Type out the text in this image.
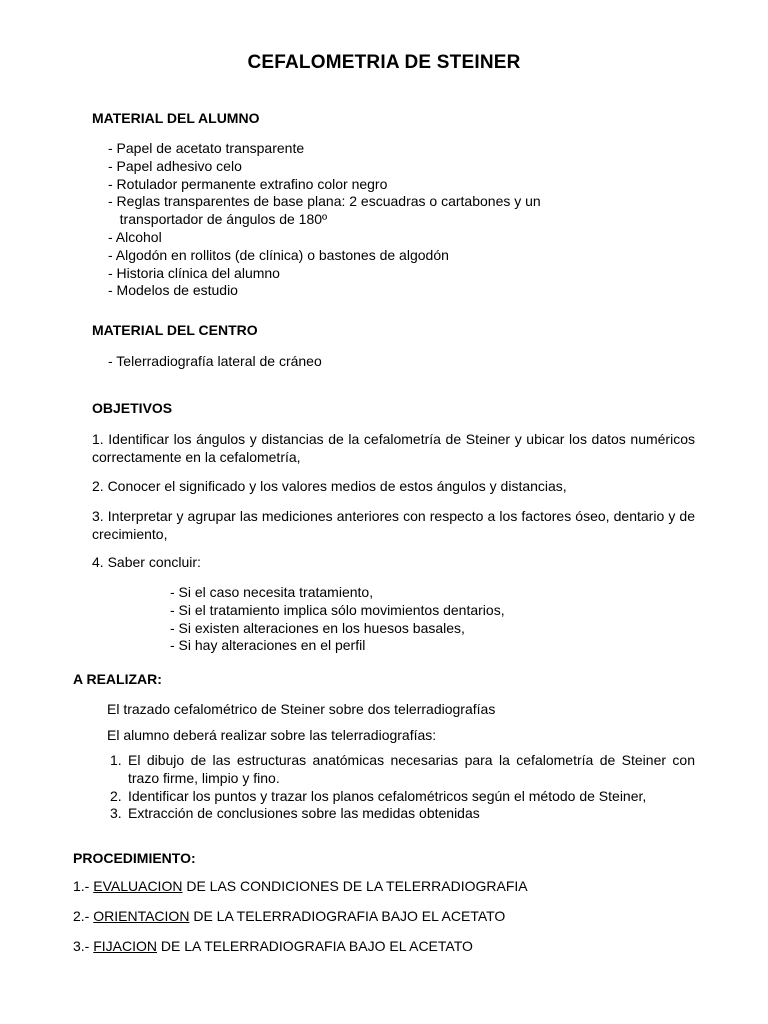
CEFALOMETRIA DE STEINER
MATERIAL DEL ALUMNO
- Papel de acetato transparente
- Papel adhesivo celo
- Rotulador permanente extrafino color negro
- Reglas transparentes de base plana: 2 escuadras o cartabones y un
transportador de ángulos de 180º
- Alcohol
- Algodón en rollitos (de clínica) o bastones de algodón
- Historia clínica del alumno
- Modelos de estudio
MATERIAL DEL CENTRO
- Telerradiografía lateral de cráneo
OBJETIVOS
1. Identificar los ángulos y distancias de la cefalometría de Steiner y ubicar los datos numéricos correctamente en la cefalometría,
2. Conocer el significado y los valores medios de estos ángulos y distancias,
3. Interpretar y agrupar las mediciones anteriores con respecto a los factores óseo, dentario y de crecimiento,
4. Saber concluir:
- Si el caso necesita tratamiento,
- Si el tratamiento implica sólo movimientos dentarios,
- Si existen alteraciones en los huesos basales,
- Si hay alteraciones en el perfil
A REALIZAR:
El trazado cefalométrico de Steiner sobre dos telerradiografías
El alumno deberá realizar sobre las telerradiografías:
1. El dibujo de las estructuras anatómicas necesarias para la cefalometría de Steiner con trazo firme, limpio y fino.
2. Identificar los puntos y trazar los planos cefalométricos según el método de Steiner,
3. Extracción de conclusiones sobre las medidas obtenidas
PROCEDIMIENTO:
1.- EVALUACION DE LAS CONDICIONES DE LA TELERRADIOGRAFIA
2.- ORIENTACION DE LA TELERRADIOGRAFIA BAJO EL ACETATO
3.- FIJACION DE LA TELERRADIOGRAFIA BAJO EL ACETATO
